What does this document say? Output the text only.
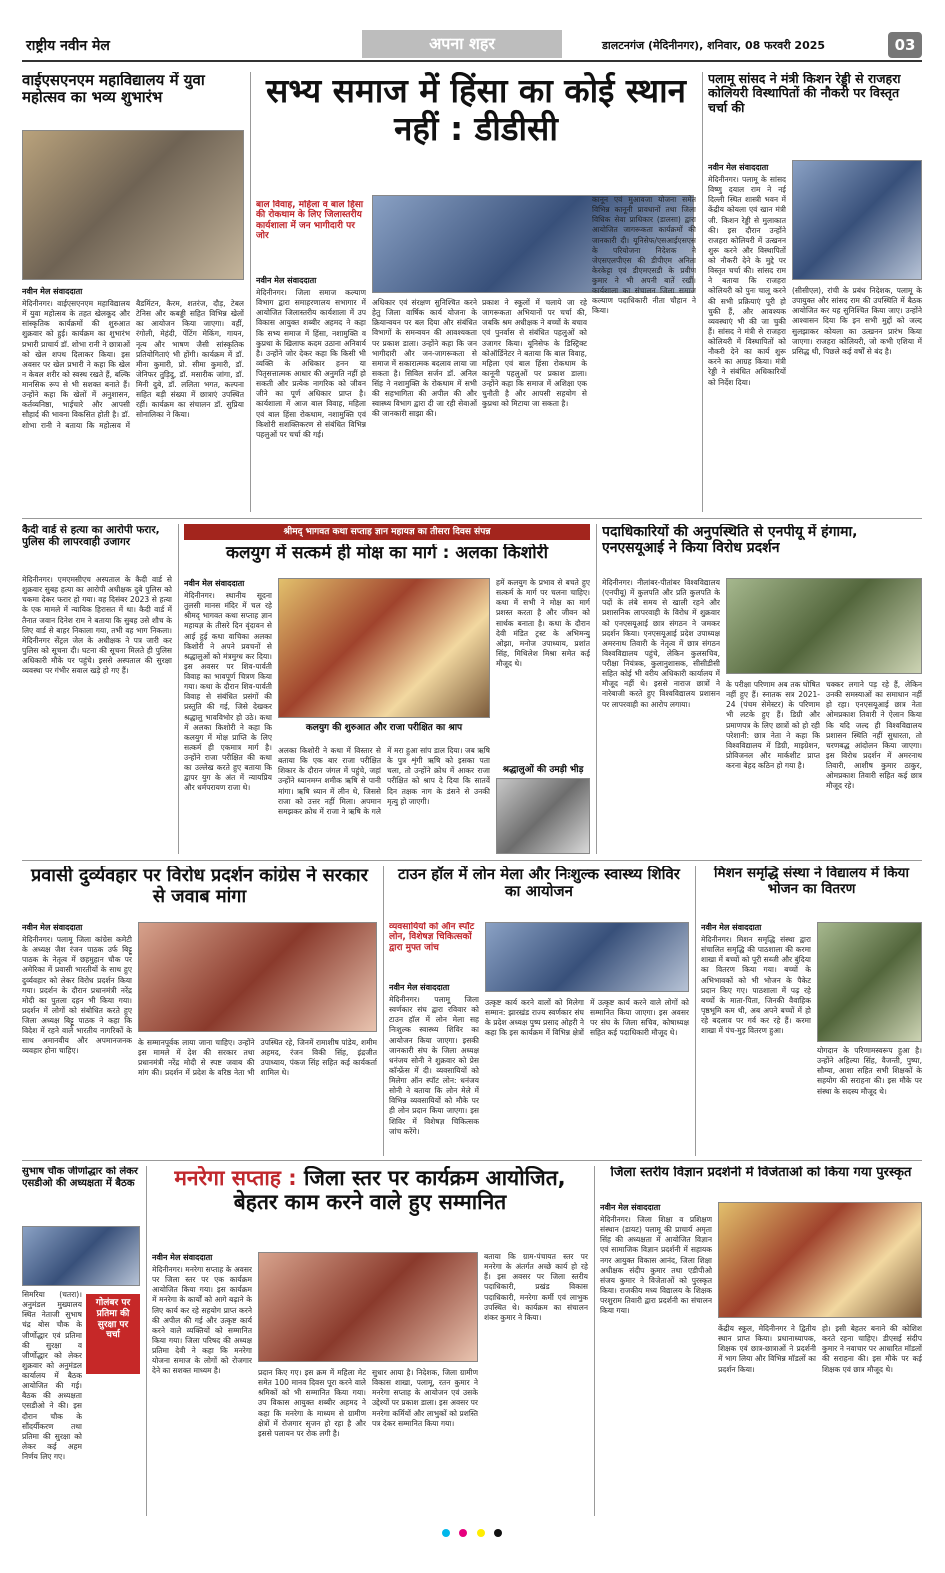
राष्ट्रीय नवीन मेल	अपना शहर	डालटनगंज (मेदिनीनगर), शनिवार, 08 फरवरी 2025	03
वाईएसएनएम महाविद्यालय में युवा महोत्सव का भव्य शुभारंभ
नवीन मेल संवाददाता
मेदिनीनगर। वाईएसएनएम महाविद्यालय में युवा महोत्सव के तहत खेलकूद और सांस्कृतिक कार्यक्रमों की शुरुआत शुक्रवार को हुई। कार्यक्रम का शुभारंभ प्रभारी प्राचार्य डॉ. शोभा रानी ने छात्राओं को खेल शपथ दिलाकर किया। इस अवसर पर खेल प्रभारी ने कहा कि खेल न केवल शरीर को स्वस्थ रखते हैं, बल्कि मानसिक रूप से भी सशक्त बनाते हैं। उन्होंने कहा कि खेलों में अनुशासन, कर्तव्यनिष्ठा, भाईचारे और आपसी सौहार्द की भावना विकसित होती है। डॉ. शोभा रानी ने बताया कि महोत्सव में बैडमिंटन, कैरम, शतरंज, दौड़, टेबल टेनिस और कबड्डी सहित विभिन्न खेलों का आयोजन किया जाएगा। वहीं, रंगोली, मेहंदी, पेंटिंग मेकिंग, गायन, नृत्य और भाषण जैसी सांस्कृतिक प्रतियोगिताएं भी होंगी। कार्यक्रम में डॉ. मीना कुमारी, प्रो. सीमा कुमारी, डॉ. जेनिफर तुड़िदु, डॉ. मसारीक जांगा, डॉ. मिनी दुबे, डॉ. ललिता भगत, कल्पना सहित बड़ी संख्या में छात्राएं उपस्थित रहीं। कार्यक्रम का संचालन डॉ. सुप्रिया सोनालिका ने किया।
सभ्य समाज में हिंसा का कोई स्थान नहीं : डीडीसी
बाल विवाह, महिला व बाल हिंसा की रोकथाम के लिए जिलास्तरीय कार्यशाला में जन भागीदारी पर जोर
नवीन मेल संवाददाता
मेदिनीनगर। जिला समाज कल्याण विभाग द्वारा समाहरणालय सभागार में आयोजित जिलास्तरीय कार्यशाला में उप विकास आयुक्त शब्बीर अहमद ने कहा कि सभ्य समाज में हिंसा, नशामुक्ति व कुप्रथा के खिलाफ कदम उठाना अनिवार्य है। उन्होंने जोर देकर कहा कि किसी भी व्यक्ति के अधिकार हनन या पितृसत्तात्मक आधार की अनुमति नहीं हो सकती और प्रत्येक नागरिक को जीवन जीने का पूर्ण अधिकार प्राप्त है। कार्यशाला में आज बाल विवाह, महिला एवं बाल हिंसा रोकथाम, नशामुक्ति एवं किशोरी सशक्तिकरण से संबंधित विभिन्न पहलुओं पर चर्चा की गई।
अधिकार एवं संरक्षण सुनिश्चित करने हेतु जिला वार्षिक कार्य योजना के क्रियान्वयन पर बल दिया और संबंधित विभागों के समन्वयन की आवश्यकता पर प्रकाश डाला। उन्होंने कहा कि जन भागीदारी और जन-जागरूकता से समाज में सकारात्मक बदलाव लाया जा सकता है। सिविल सर्जन डॉ. अनिल सिंह ने नशामुक्ति के रोकथाम में सभी की सहभागिता की अपील की और स्वास्थ्य विभाग द्वारा दी जा रही सेवाओं की जानकारी साझा की।
प्रकाश ने स्कूलों में चलाये जा रहे जागरूकता अभियानों पर चर्चा की, जबकि श्रम अधीक्षक ने बच्चों के बचाव एवं पुनर्वास से संबंधित पहलुओं को उजागर किया। यूनिसेफ के डिस्ट्रिक्ट कोऑर्डिनेटर ने बताया कि बाल विवाह, महिला एवं बाल हिंसा रोकथाम के कानूनी पहलुओं पर प्रकाश डाला। उन्होंने कहा कि समाज में अशिक्षा एक चुनौती है और आपसी सहयोग से कुप्रथा को मिटाया जा सकता है।
कानून एवं मुआवजा योजना समेत विभिन्न कानूनी प्रावधानों तथा जिला विधिक सेवा प्राधिकार (डालसा) द्वारा आयोजित जागरूकता कार्यक्रमों की जानकारी दी। यूनिसेफ/एसआईएसएस के परियोजना निदेशक ने जेएसएलपीएस की डीपीएम अनिता केरकेट्टा एवं डीएमएसडी के प्रवीण कुमार ने भी अपनी बातें रखीं। कार्यशाला का संचालन जिला समाज कल्याण पदाधिकारी नीता चौहान ने किया।
पलामू सांसद ने मंत्री किशन रेड्डी से राजहरा कोलियरी विस्थापितों की नौकरी पर विस्तृत चर्चा की
नवीन मेल संवाददाता
मेदिनीनगर। पलामू के सांसद विष्णु दयाल राम ने नई दिल्ली स्थित शास्त्री भवन में केंद्रीय कोयला एवं खान मंत्री जी. किशन रेड्डी से मुलाकात की। इस दौरान उन्होंने राजहरा कोलियरी में उत्खनन शुरू करने और विस्थापितों को नौकरी देने के मुद्दे पर विस्तृत चर्चा की। सांसद राम ने बताया कि राजहरा कोलियरी को पुनः चालू करने की सभी प्रक्रियाएं पूरी हो चुकी हैं, और आवश्यक व्यवस्थाएं भी की जा चुकी हैं। सांसद ने मंत्री से राजहरा कोलियरी में विस्थापितों को नौकरी देने का कार्य शुरू करने का आग्रह किया। मंत्री रेड्डी ने संबंधित अधिकारियों को निर्देश दिया।
(सीसीएल), रांची के प्रबंध निदेशक, पलामू के उपायुक्त और सांसद राम की उपस्थिति में बैठक आयोजित कर यह सुनिश्चित किया जाए। उन्होंने आश्वासन दिया कि इन सभी मुद्दों को जल्द सुलझाकर कोयला का उत्खनन प्रारंभ किया जाएगा। राजहरा कोलियरी, जो कभी एशिया में प्रसिद्ध थी, पिछले कई वर्षों से बंद है।
कैदी वार्ड से हत्या का आरोपी फरार, पुलिस की लापरवाही उजागर
मेदिनीनगर। एमएमसीएच अस्पताल के कैदी वार्ड से शुक्रवार सुबह हत्या का आरोपी अधीक्षक दुबे पुलिस को चकमा देकर फरार हो गया। वह दिसंबर 2023 से हत्या के एक मामले में न्यायिक हिरासत में था। कैदी वार्ड में तैनात जवान दिनेश राम ने बताया कि सुबह उसे शौच के लिए वार्ड से बाहर निकाला गया, तभी वह भाग निकला। मेदिनीनगर सेंट्रल जेल के अधीक्षक ने पत्र जारी कर पुलिस को सूचना दी। घटना की सूचना मिलते ही पुलिस अधिकारी मौके पर पहुंचे। इससे अस्पताल की सुरक्षा व्यवस्था पर गंभीर सवाल खड़े हो गए हैं।
श्रीमद् भागवत कथा सप्ताह ज्ञान महायज्ञ का तीसरा दिवस संपन्न
कलयुग में सत्कर्म ही मोक्ष का मार्ग : अलका किशोरी
नवीन मेल संवाददाता
मेदिनीनगर। स्थानीय सूदना तुलसी मानस मंदिर में चल रहे श्रीमद् भागवत कथा सप्ताह ज्ञान महायज्ञ के तीसरे दिन वृंदावन से आई हुई कथा वाचिका अलका किशोरी ने अपने प्रवचनों से श्रद्धालुओं को मंत्रमुग्ध कर दिया। इस अवसर पर शिव-पार्वती विवाह का भावपूर्ण चित्रण किया गया। कथा के दौरान शिव-पार्वती विवाह से संबंधित प्रसंगों की प्रस्तुति की गई, जिसे देखकर श्रद्धालु भावविभोर हो उठे। कथा में अलका किशोरी ने कहा कि कलयुग में मोक्ष प्राप्ति के लिए सत्कर्म ही एकमात्र मार्ग है। उन्होंने राजा परीक्षित की कथा का उल्लेख करते हुए बताया कि द्वापर युग के अंत में न्यायप्रिय और धर्मपरायण राजा थे।
कलयुग की शुरुआत और राजा परीक्षित का श्राप
अलका किशोरी ने कथा में विस्तार से बताया कि एक बार राजा परीक्षित शिकार के दौरान जंगल में पहुंचे, जहां उन्होंने ध्यानमग्न शमीक ऋषि से पानी मांगा। ऋषि ध्यान में लीन थे, जिससे राजा को उत्तर नहीं मिला। अपमान समझकर क्रोध में राजा ने ऋषि के गले में मरा हुआ सांप डाल दिया। जब ऋषि के पुत्र शृंगी ऋषि को इसका पता चला, तो उन्होंने क्रोध में आकर राजा परीक्षित को श्राप दे दिया कि सातवें दिन तक्षक नाग के डंसने से उनकी मृत्यु हो जाएगी।
हमें कलयुग के प्रभाव से बचते हुए सत्कर्म के मार्ग पर चलना चाहिए। कथा में सभी ने मोक्ष का मार्ग प्रशस्त करता है और जीवन को सार्थक बनाता है। कथा के दौरान देवी मंडित ट्रस्ट के अभिमन्यु ओझा, मनोज उपाध्याय, प्रशांत सिंह, मिथिलेश मिश्रा समेत कई मौजूद थे।
श्रद्धालुओं की उमड़ी भीड़
पदाधिकारियों की अनुपस्थिति से एनपीयू में हंगामा, एनएसयूआई ने किया विरोध प्रदर्शन
मेदिनीनगर। नीलांबर-पीतांबर विश्वविद्यालय (एनपीयू) में कुलपति और प्रति कुलपति के पदों के लंबे समय से खाली रहने और प्रशासनिक लापरवाही के विरोध में शुक्रवार को एनएसयूआई छात्र संगठन ने जमकर प्रदर्शन किया। एनएसयूआई प्रदेश उपाध्यक्ष अमरनाथ तिवारी के नेतृत्व में छात्र संगठन विश्वविद्यालय पहुंचे, लेकिन कुलसचिव, परीक्षा नियंत्रक, कुलानुशासक, सीसीडीसी सहित कोई भी वरीय अधिकारी कार्यालय में मौजूद नहीं थे। इससे नाराज छात्रों ने नारेबाजी करते हुए विश्वविद्यालय प्रशासन पर लापरवाही का आरोप लगाया।
के परीक्षा परिणाम अब तक घोषित नहीं हुए हैं। स्नातक सत्र 2021-24 (पंचम सेमेस्टर) के परिणाम भी लटके हुए हैं। डिग्री और प्रमाणपत्र के लिए छात्रों को हो रही परेशानी: छात्र नेता ने कहा कि विश्वविद्यालय में डिग्री, माइग्रेशन, प्रोविजनल और मार्कशीट प्राप्त करना बेहद कठिन हो गया है।
चक्कर लगाने पड़ रहे हैं, लेकिन उनकी समस्याओं का समाधान नहीं हो रहा। एनएसयूआई छात्र नेता ओमप्रकाश तिवारी ने ऐलान किया कि यदि जल्द ही विश्वविद्यालय प्रशासन स्थिति नहीं सुधारता, तो चरणबद्ध आंदोलन किया जाएगा। इस विरोध प्रदर्शन में अमरनाथ तिवारी, आशीष कुमार ठाकुर, ओमप्रकाश तिवारी सहित कई छात्र मौजूद रहे।
प्रवासी दुर्व्यवहार पर विरोध प्रदर्शन कांग्रेस ने सरकार से जवाब मांगा
नवीन मेल संवाददाता
मेदिनीनगर। पलामू जिला कांग्रेस कमेटी के अध्यक्ष जैश रंजन पाठक उर्फ बिट्टू पाठक के नेतृत्व में छहमुहान चौक पर अमेरिका में प्रवासी भारतीयों के साथ हुए दुर्व्यवहार को लेकर विरोध प्रदर्शन किया गया। प्रदर्शन के दौरान प्रधानमंत्री नरेंद्र मोदी का पुतला दहन भी किया गया। प्रदर्शन में लोगों को संबोधित करते हुए जिला अध्यक्ष बिट्टू पाठक ने कहा कि विदेश में रहने वाले भारतीय नागरिकों के साथ अमानवीय और अपमानजनक व्यवहार होना चाहिए।
के सम्मानपूर्वक लाया जाना चाहिए। उन्होंने इस मामले में देश की सरकार तथा प्रधानमंत्री नरेंद्र मोदी से स्पष्ट जवाब की मांग की। प्रदर्शन में प्रदेश के वरिष्ठ नेता भी उपस्थित रहे, जिनमें रामाशीष पांडेय, शमीम अहमद, रंजन विकी सिंह, इंद्रजीत उपाध्याय, पंकज सिंह सहित कई कार्यकर्ता शामिल थे।
टाउन हॉल में लोन मेला और निःशुल्क स्वास्थ्य शिविर का आयोजन
व्यवसायियों को ऑन स्पॉट लोन, विशेषज्ञ चिकित्सकों द्वारा मुफ्त जांच
नवीन मेल संवाददाता
मेदिनीनगर। पलामू जिला स्वर्णकार संघ द्वारा रविवार को टाउन हॉल में लोन मेला सह निःशुल्क स्वास्थ्य शिविर का आयोजन किया जाएगा। इसकी जानकारी संघ के जिला अध्यक्ष धनंजय सोनी ने शुक्रवार को प्रेस कॉन्फ्रेंस में दी। व्यवसायियों को मिलेगा ऑन स्पॉट लोन: धनंजय सोनी ने बताया कि लोन मेले में विभिन्न व्यवसायियों को मौके पर ही लोन प्रदान किया जाएगा। इस शिविर में विशेषज्ञ चिकित्सक जांच करेंगे।
उत्कृष्ट कार्य करने वालों को मिलेगा सम्मान: झारखंड राज्य स्वर्णकार संघ के प्रदेश अध्यक्ष पुष्प प्रसाद ओहरी ने कहा कि इस कार्यक्रम में विभिन्न क्षेत्रों में उत्कृष्ट कार्य करने वाले लोगों को सम्मानित किया जाएगा। इस अवसर पर संघ के जिला सचिव, कोषाध्यक्ष सहित कई पदाधिकारी मौजूद थे।
मिशन समृद्धि संस्था ने विद्यालय में किया भोजन का वितरण
नवीन मेल संवाददाता
मेदिनीनगर। मिशन समृद्धि संस्था द्वारा संचालित समृद्धि की पाठशाला की करमा शाखा में बच्चों को पूरी सब्जी और बुंदिया का वितरण किया गया। बच्चों के अभिभावकों को भी भोजन के पैकेट प्रदान किए गए। पाठशाला में पढ़ रहे बच्चों के माता-पिता, जिनकी वैवाहिक पृष्ठभूमि कम थी, अब अपने बच्चों में हो रहे बदलाव पर गर्व कर रहे हैं। करमा शाखा में पंच-मुड़ वितरण हुआ।
योगदान के परिणामस्वरूप हुआ है। उन्होंने अहिल्या सिंह, वैजन्ती, पुष्पा, सौम्या, आशा सहित सभी शिक्षकों के सहयोग की सराहना की। इस मौके पर संस्था के सदस्य मौजूद थे।
सुभाष चौक जीर्णोद्धार को लेकर एसडीओ की अध्यक्षता में बैठक
सिमरिया (चतरा)। अनुमंडल मुख्यालय स्थित नेताजी सुभाष चंद्र बोस चौक के जीर्णोद्धार एवं प्रतिमा की सुरक्षा व जीर्णोद्धार को लेकर शुक्रवार को अनुमंडल कार्यालय में बैठक आयोजित की गई। बैठक की अध्यक्षता एसडीओ ने की। इस दौरान चौक के सौंदर्यीकरण तथा प्रतिमा की सुरक्षा को लेकर कई अहम निर्णय लिए गए।
गोलंबर पर प्रतिमा की सुरक्षा पर चर्चा
मनरेगा सप्ताह : जिला स्तर पर कार्यक्रम आयोजित, बेहतर काम करने वाले हुए सम्मानित
नवीन मेल संवाददाता
मेदिनीनगर। मनरेगा सप्ताह के अवसर पर जिला स्तर पर एक कार्यक्रम आयोजित किया गया। इस कार्यक्रम में मनरेगा के कार्यों को आगे बढ़ाने के लिए कार्य कर रहे सहयोग प्राप्त करने की अपील की गई और उत्कृष्ट कार्य करने वाले व्यक्तियों को सम्मानित किया गया। जिला परिषद की अध्यक्ष प्रतिमा देवी ने कहा कि मनरेगा योजना समाज के लोगों को रोजगार देने का सशक्त माध्यम है।	प्रदान किए गए। इस क्रम में महिला मेट समेत 100 मानव दिवस पूरा करने वाले श्रमिकों को भी सम्मानित किया गया। उप विकास आयुक्त शब्बीर अहमद ने कहा कि मनरेगा के माध्यम से ग्रामीण क्षेत्रों में रोजगार सृजन हो रहा है और इससे पलायन पर रोक लगी है।
सुधार आया है। निदेशक, जिला ग्रामीण विकास शाखा, पलामू, रतन कुमार ने मनरेगा सप्ताह के आयोजन एवं उसके उद्देश्यों पर प्रकाश डाला। इस अवसर पर मनरेगा कर्मियों और लाभुकों को प्रशस्ति पत्र देकर सम्मानित किया गया।
बताया कि ग्राम-पंचायत स्तर पर मनरेगा के अंतर्गत अच्छे कार्य हो रहे हैं। इस अवसर पर जिला स्तरीय पदाधिकारी, प्रखंड विकास पदाधिकारी, मनरेगा कर्मी एवं लाभुक उपस्थित थे। कार्यक्रम का संचालन शंकर कुमार ने किया।
जिला स्तरीय विज्ञान प्रदर्शनी में विजेताओं को किया गया पुरस्कृत
नवीन मेल संवाददाता
मेदिनीनगर। जिला शिक्षा व प्रशिक्षण संस्थान (डायट) पलामू की प्राचार्य अमृता सिंह की अध्यक्षता में आयोजित विज्ञान एवं सामाजिक विज्ञान प्रदर्शनी में सहायक नगर आयुक्त विकास आनंद, जिला शिक्षा अधीक्षक संदीप कुमार तथा एडीपीओ संजय कुमार ने विजेताओं को पुरस्कृत किया। राजकीय मध्य विद्यालय के शिक्षक परशुराम तिवारी द्वारा प्रदर्शनी का संचालन किया गया।
केंद्रीय स्कूल, मेदिनीनगर ने द्वितीय स्थान प्राप्त किया। प्रधानाध्यापक, शिक्षक एवं छात्र-छात्राओं ने प्रदर्शनी में भाग लिया और विभिन्न मॉडलों का प्रदर्शन किया।
हो। इसी बेहतर बनाने की कोशिश करते रहना चाहिए। डीएसई संदीप कुमार ने नवाचार पर आधारित मॉडलों की सराहना की। इस मौके पर कई शिक्षक एवं छात्र मौजूद थे।
